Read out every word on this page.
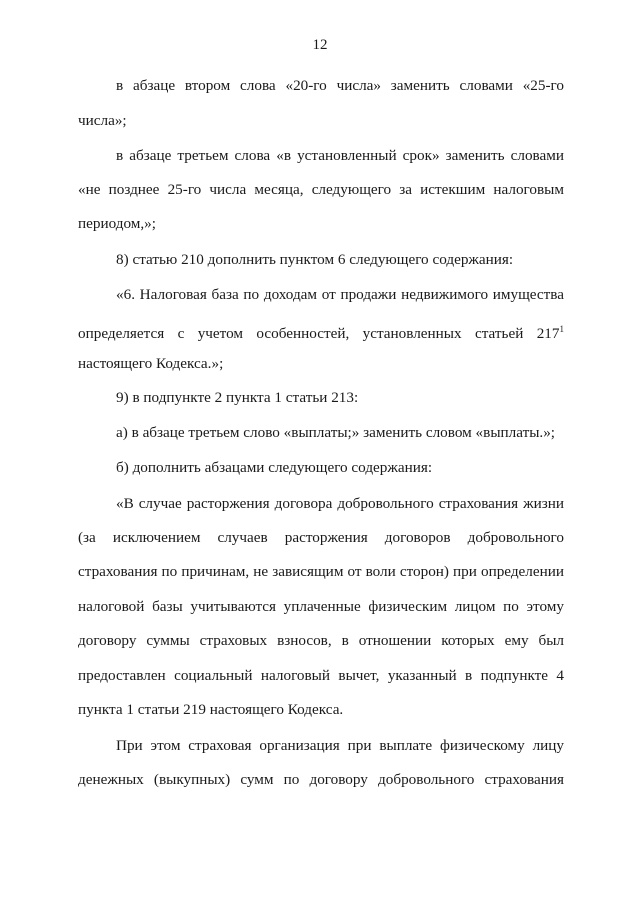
12
в абзаце втором слова «20-го числа» заменить словами «25-го
числа»;
в абзаце третьем слова «в установленный срок» заменить словами
«не позднее 25-го числа месяца, следующего за истекшим налоговым
периодом,»;
8) статью 210 дополнить пунктом 6 следующего содержания:
«6. Налоговая база по доходам от продажи недвижимого имущества
определяется с учетом особенностей, установленных статьей $217^1$
настоящего Кодекса.»;
9) в подпункте 2 пункта 1 статьи 213:
а) в абзаце третьем слово «выплаты;» заменить словом «выплаты.»;
б) дополнить абзацами следующего содержания:
«В случае расторжения договора добровольного страхования жизни
(за исключением случаев расторжения договоров добровольного
страхования по причинам, не зависящим от воли сторон) при определении
налоговой базы учитываются уплаченные физическим лицом по этому
договору суммы страховых взносов, в отношении которых ему был
предоставлен социальный налоговый вычет, указанный в подпункте 4
пункта 1 статьи 219 настоящего Кодекса.
При этом страховая организация при выплате физическому лицу
денежных (выкупных) сумм по договору добровольного страхования
